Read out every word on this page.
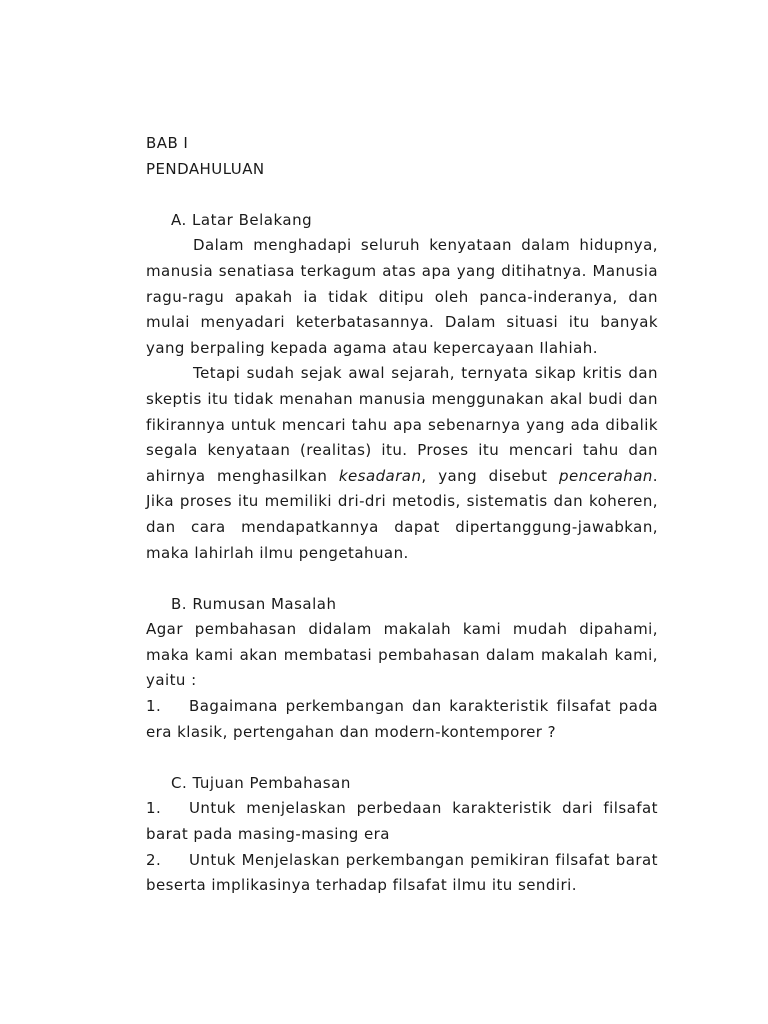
BAB I

PENDAHULUAN

A. Latar Belakang

Dalam menghadapi seluruh kenyataan dalam hidupnya, manusia senatiasa terkagum atas apa yang ditihatnya. Manusia ragu-ragu apakah ia tidak ditipu oleh panca-inderanya, dan mulai menyadari keterbatasannya. Dalam situasi itu banyak yang berpaling kepada agama atau kepercayaan Ilahiah.

Tetapi sudah sejak awal sejarah, ternyata sikap kritis dan skeptis itu tidak menahan manusia menggunakan akal budi dan fikirannya untuk mencari tahu apa sebenarnya yang ada dibalik segala kenyataan (realitas) itu. Proses itu mencari tahu dan ahirnya menghasilkan kesadaran, yang disebut pencerahan. Jika proses itu memiliki dri-dri metodis, sistematis dan koheren, dan cara mendapatkannya dapat dipertanggung-jawabkan, maka lahirlah ilmu pengetahuan.

B. Rumusan Masalah

Agar pembahasan didalam makalah kami mudah dipahami, maka kami akan membatasi pembahasan dalam makalah kami, yaitu :

1. Bagaimana perkembangan dan karakteristik filsafat pada era klasik, pertengahan dan modern-kontemporer ?

C. Tujuan Pembahasan

1. Untuk menjelaskan perbedaan karakteristik dari filsafat barat pada masing-masing era

2. Untuk Menjelaskan perkembangan pemikiran filsafat barat beserta implikasinya terhadap filsafat ilmu itu sendiri.
